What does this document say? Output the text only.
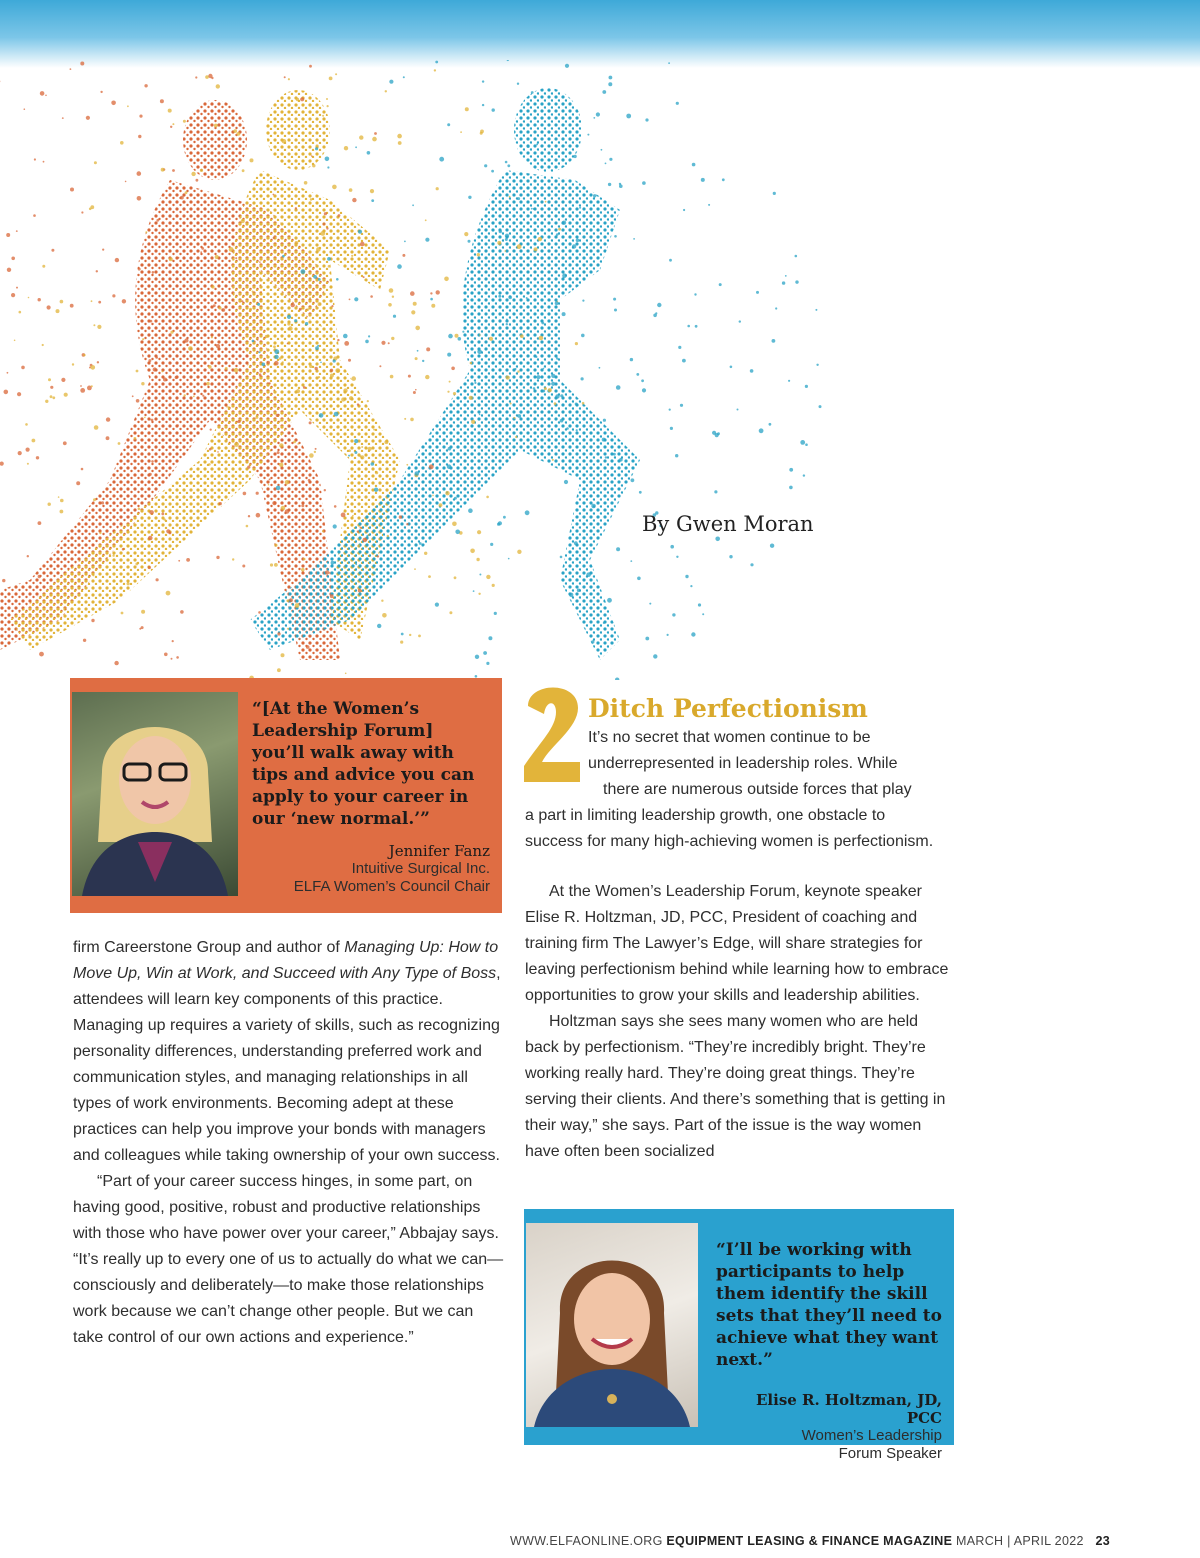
By Gwen Moran
“[At the Women’s Leadership Forum] you’ll walk away with tips and advice you can apply to your career in our ‘new normal.’”
Jennifer Fanz
Intuitive Surgical Inc.
ELFA Women’s Council Chair
Ditch Perfectionism
It’s no secret that women continue to be
underrepresented in leadership roles. While
there are numerous outside forces that play
a part in limiting leadership growth, one obstacle to success for many high-achieving women is perfectionism.

firm Careerstone Group and author of Managing Up: How to Move Up, Win at Work, and Succeed with Any Type of Boss, attendees will learn key components of this practice. Managing up requires a variety of skills, such as recognizing personality differences, understanding preferred work and communication styles, and managing relationships in all types of work environments. Becoming adept at these practices can help you improve your bonds with managers and colleagues while taking ownership of your own success.

“Part of your career success hinges, in some part, on having good, positive, robust and productive relationships with those who have power over your career,” Abbajay says. “It’s really up to every one of us to actually do what we can—consciously and deliberately—to make those relationships work because we can’t change other people. But we can take control of our own actions and experience.”

At the Women’s Leadership Forum, keynote speaker Elise R. Holtzman, JD, PCC, President of coaching and training firm The Lawyer’s Edge, will share strategies for leaving perfectionism behind while learning how to embrace opportunities to grow your skills and leadership abilities.

Holtzman says she sees many women who are held back by perfectionism. “They’re incredibly bright. They’re working really hard. They’re doing great things. They’re serving their clients. And there’s something that is getting in their way,” she says. Part of the issue is the way women have often been socialized

“I’ll be working with participants to help them identify the skill sets that they’ll need to achieve what they want next.”
Elise R. Holtzman, JD, PCC
Women’s Leadership
Forum Speaker
WWW.ELFAONLINE.ORG EQUIPMENT LEASING & FINANCE MAGAZINE MARCH | APRIL 2022 23
